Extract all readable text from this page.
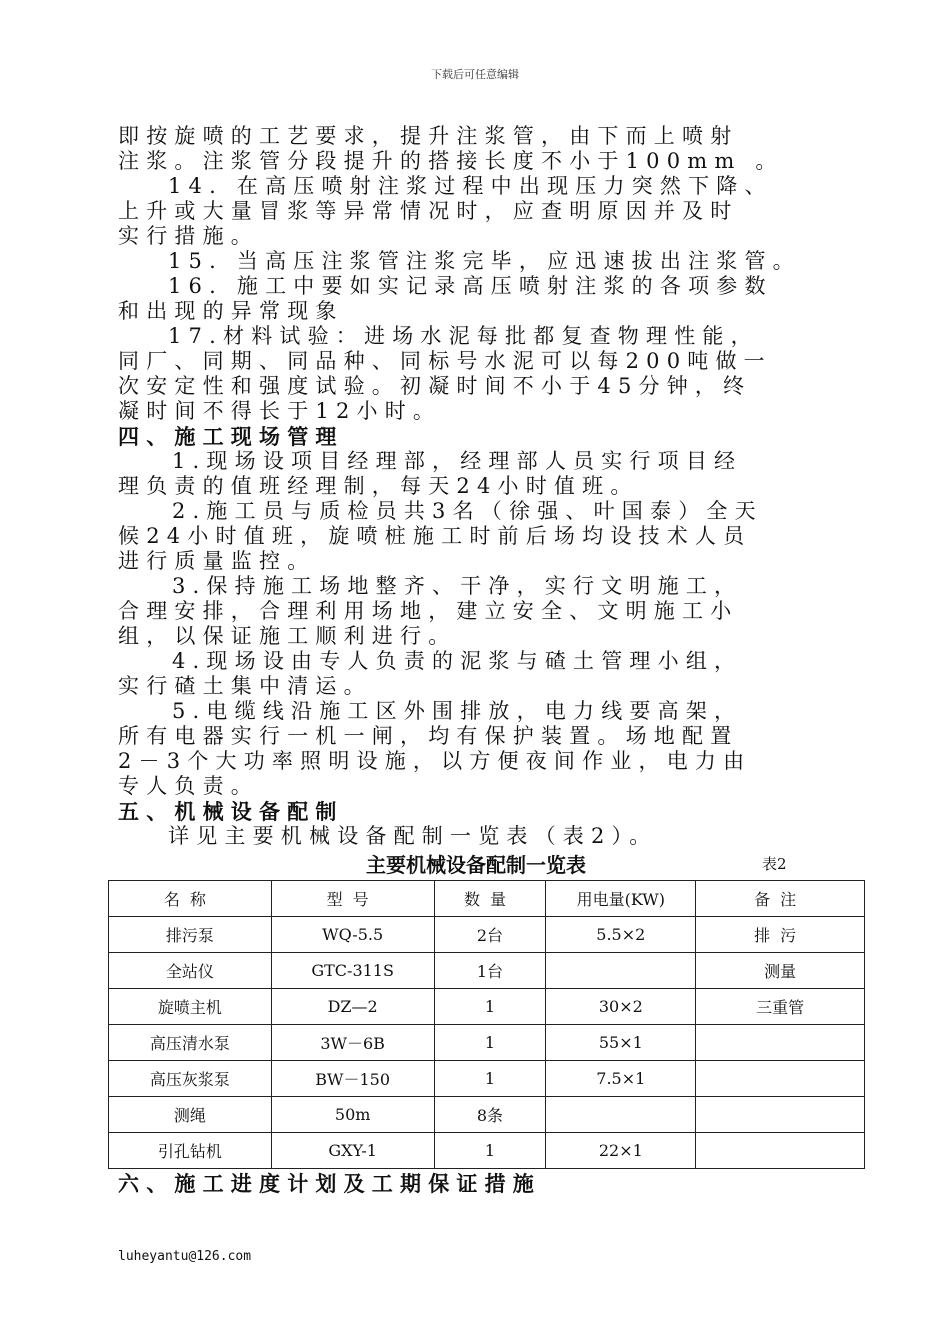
下载后可任意编辑
即按旋喷的工艺要求，提升注浆管，由下而上喷射
注浆。注浆管分段提升的搭接长度不小于100mm 。
14. 在高压喷射注浆过程中出现压力突然下降、
上升或大量冒浆等异常情况时，应查明原因并及时
实行措施。
15. 当高压注浆管注浆完毕，应迅速拔出注浆管。
16. 施工中要如实记录高压喷射注浆的各项参数
和出现的异常现象
17.材料试验：进场水泥每批都复查物理性能，
同厂、同期、同品种、同标号水泥可以每200吨做一
次安定性和强度试验。初凝时间不小于45分钟，终
凝时间不得长于12小时。
四、施工现场管理
1.现场设项目经理部，经理部人员实行项目经
理负责的值班经理制，每天24小时值班。
2.施工员与质检员共3名（徐强、叶国泰）全天
候24小时值班，旋喷桩施工时前后场均设技术人员
进行质量监控。
3.保持施工场地整齐、干净，实行文明施工，
合理安排，合理利用场地，建立安全、文明施工小
组，以保证施工顺利进行。
4.现场设由专人负责的泥浆与碴土管理小组，
实行碴土集中清运。
5.电缆线沿施工区外围排放，电力线要高架，
所有电器实行一机一闸，均有保护装置。场地配置
2－3个大功率照明设施，以方便夜间作业，电力由
专人负责。
五、机械设备配制
详见主要机械设备配制一览表（表2）。
主要机械设备配制一览表	表2
名称	型号	数量	用电量(KW)	备注
排污泵	WQ-5.5	2台	5.5×2	排污
全站仪	GTC-311S	1台		测量
旋喷主机	DZ—2	1	30×2	三重管
高压清水泵	3W－6B	1	55×1	
高压灰浆泵	BW－150	1	7.5×1	
测绳	50m	8条		
引孔钻机	GXY-1	1	22×1	
六、施工进度计划及工期保证措施
luheyantu@126.com
